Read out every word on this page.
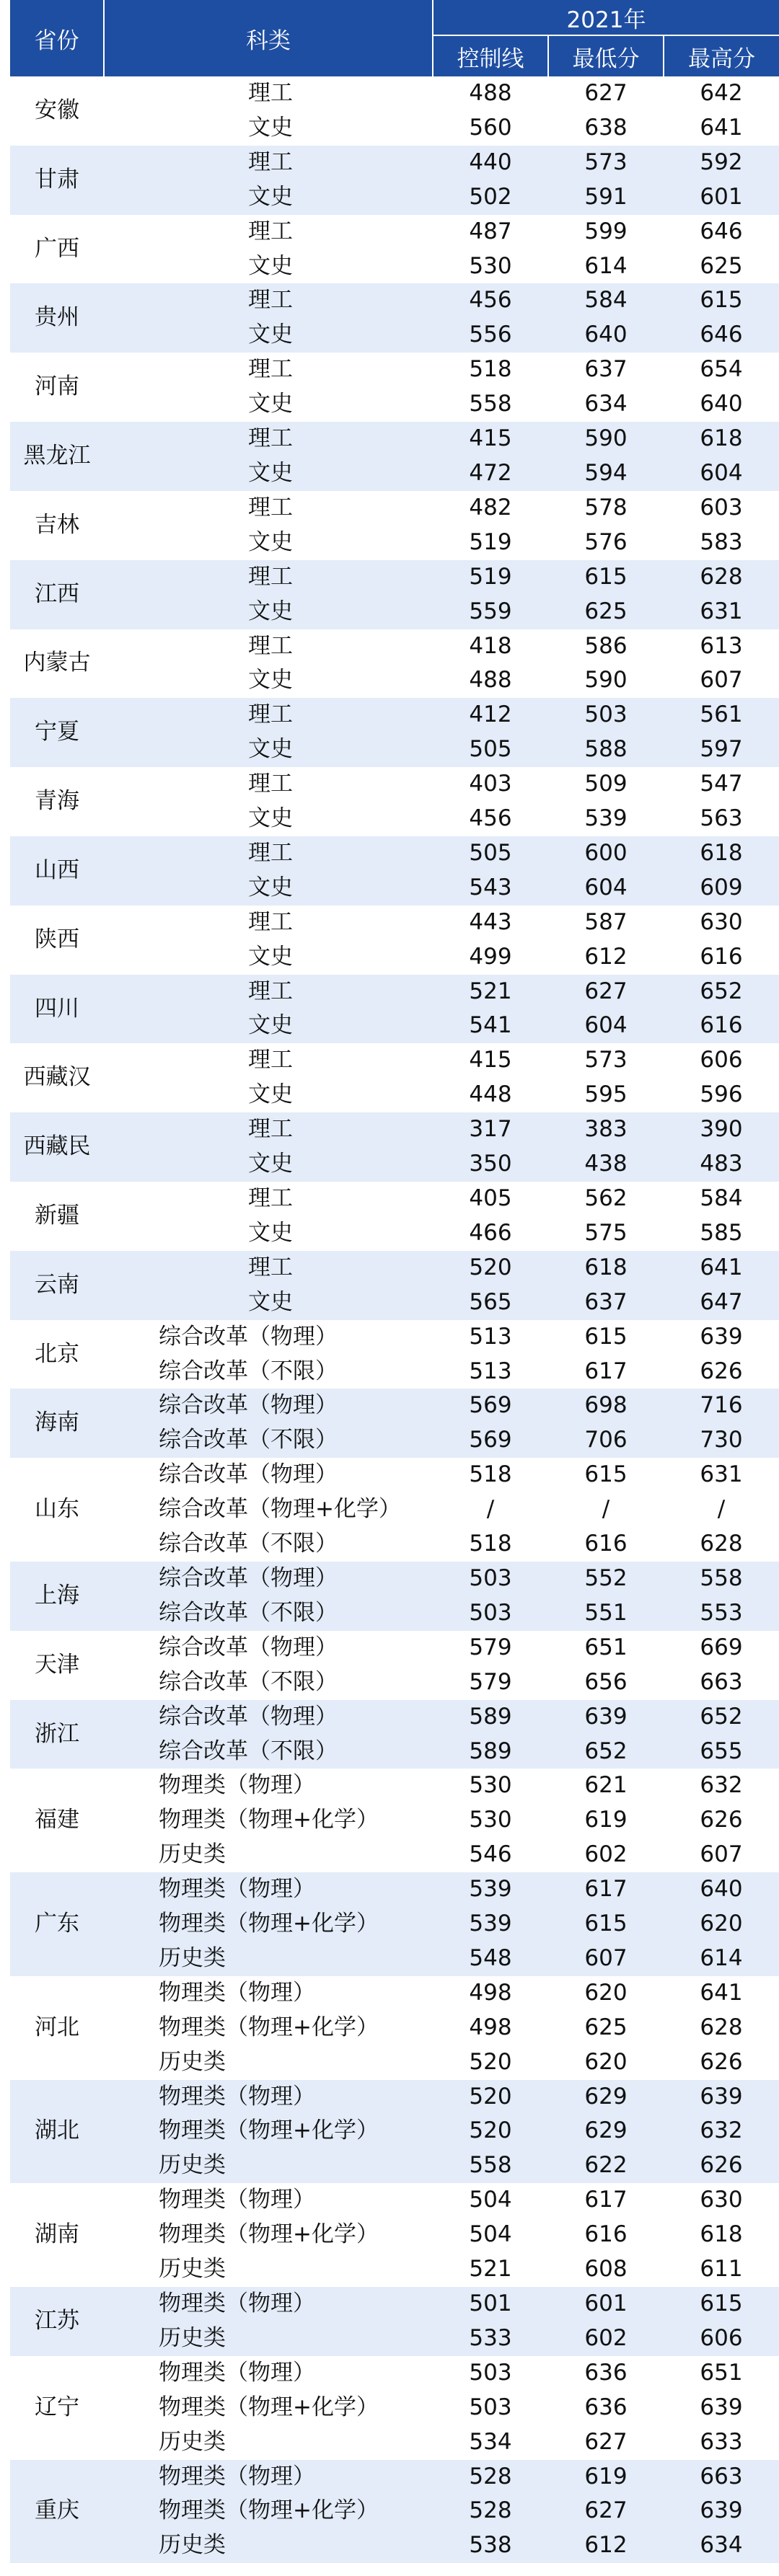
省份	科类	2021年		
		控制线	最低分	最高分
安徽	理工	488	627	642
	文史	560	638	641
甘肃	理工	440	573	592
	文史	502	591	601
广西	理工	487	599	646
	文史	530	614	625
贵州	理工	456	584	615
	文史	556	640	646
河南	理工	518	637	654
	文史	558	634	640
黑龙江	理工	415	590	618
	文史	472	594	604
吉林	理工	482	578	603
	文史	519	576	583
江西	理工	519	615	628
	文史	559	625	631
内蒙古	理工	418	586	613
	文史	488	590	607
宁夏	理工	412	503	561
	文史	505	588	597
青海	理工	403	509	547
	文史	456	539	563
山西	理工	505	600	618
	文史	543	604	609
陕西	理工	443	587	630
	文史	499	612	616
四川	理工	521	627	652
	文史	541	604	616
西藏汉	理工	415	573	606
	文史	448	595	596
西藏民	理工	317	383	390
	文史	350	438	483
新疆	理工	405	562	584
	文史	466	575	585
云南	理工	520	618	641
	文史	565	637	647
北京	综合改革（物理）	513	615	639
	综合改革（不限）	513	617	626
海南	综合改革（物理）	569	698	716
	综合改革（不限）	569	706	730
山东	综合改革（物理）	518	615	631
	综合改革（物理+化学）	/	/	/
	综合改革（不限）	518	616	628
上海	综合改革（物理）	503	552	558
	综合改革（不限）	503	551	553
天津	综合改革（物理）	579	651	669
	综合改革（不限）	579	656	663
浙江	综合改革（物理）	589	639	652
	综合改革（不限）	589	652	655
福建	物理类（物理）	530	621	632
	物理类（物理+化学）	530	619	626
	历史类	546	602	607
广东	物理类（物理）	539	617	640
	物理类（物理+化学）	539	615	620
	历史类	548	607	614
河北	物理类（物理）	498	620	641
	物理类（物理+化学）	498	625	628
	历史类	520	620	626
湖北	物理类（物理）	520	629	639
	物理类（物理+化学）	520	629	632
	历史类	558	622	626
湖南	物理类（物理）	504	617	630
	物理类（物理+化学）	504	616	618
	历史类	521	608	611
江苏	物理类（物理）	501	601	615
	历史类	533	602	606
辽宁	物理类（物理）	503	636	651
	物理类（物理+化学）	503	636	639
	历史类	534	627	633
重庆	物理类（物理）	528	619	663
	物理类（物理+化学）	528	627	639
	历史类	538	612	634
